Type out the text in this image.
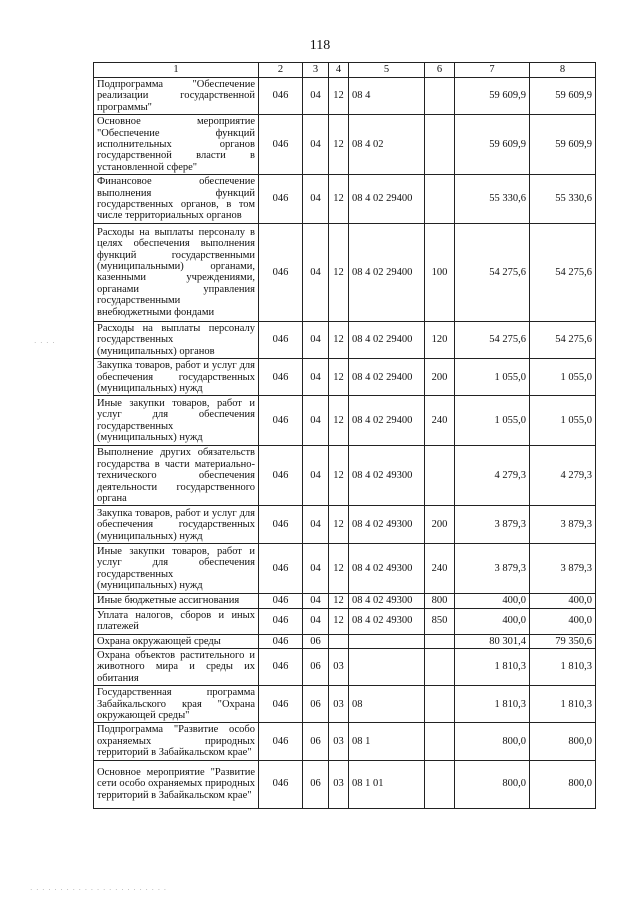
118
1	2	3	4	5	6	7	8
Подпрограмма "Обеспечение реализации государственной программы"	046	04	12	08 4		59 609,9	59 609,9
Основное мероприятие "Обеспечение функций исполнительных органов государственной власти в установленной сфере"	046	04	12	08 4 02		59 609,9	59 609,9
Финансовое обеспечение выполнения функций государственных органов, в том числе территориальных органов	046	04	12	08 4 02 29400		55 330,6	55 330,6
Расходы на выплаты персоналу в целях обеспечения выполнения функций государственными (муниципальными) органами, казенными учреждениями, органами управления государственными внебюджетными фондами	046	04	12	08 4 02 29400	100	54 275,6	54 275,6
Расходы на выплаты персоналу государственных (муниципальных) органов	046	04	12	08 4 02 29400	120	54 275,6	54 275,6
Закупка товаров, работ и услуг для обеспечения государственных (муниципальных) нужд	046	04	12	08 4 02 29400	200	1 055,0	1 055,0
Иные закупки товаров, работ и услуг для обеспечения государственных (муниципальных) нужд	046	04	12	08 4 02 29400	240	1 055,0	1 055,0
Выполнение других обязательств государства в части материально-технического обеспечения деятельности государственного органа	046	04	12	08 4 02 49300		4 279,3	4 279,3
Закупка товаров, работ и услуг для обеспечения государственных (муниципальных) нужд	046	04	12	08 4 02 49300	200	3 879,3	3 879,3
Иные закупки товаров, работ и услуг для обеспечения государственных (муниципальных) нужд	046	04	12	08 4 02 49300	240	3 879,3	3 879,3
Иные бюджетные ассигнования	046	04	12	08 4 02 49300	800	400,0	400,0
Уплата налогов, сборов и иных платежей	046	04	12	08 4 02 49300	850	400,0	400,0
Охрана окружающей среды	046	06				80 301,4	79 350,6
Охрана объектов растительного и животного мира и среды их обитания	046	06	03			1 810,3	1 810,3
Государственная программа Забайкальского края "Охрана окружающей среды"	046	06	03	08		1 810,3	1 810,3
Подпрограмма "Развитие особо охраняемых природных территорий в Забайкальском крае"	046	06	03	08 1		800,0	800,0
Основное мероприятие "Развитие сети особо охраняемых природных территорий в Забайкальском крае"	046	06	03	08 1 01		800,0	800,0
· · · ·
· · · · · · · · · · · · · · · · · · · · · · ·
